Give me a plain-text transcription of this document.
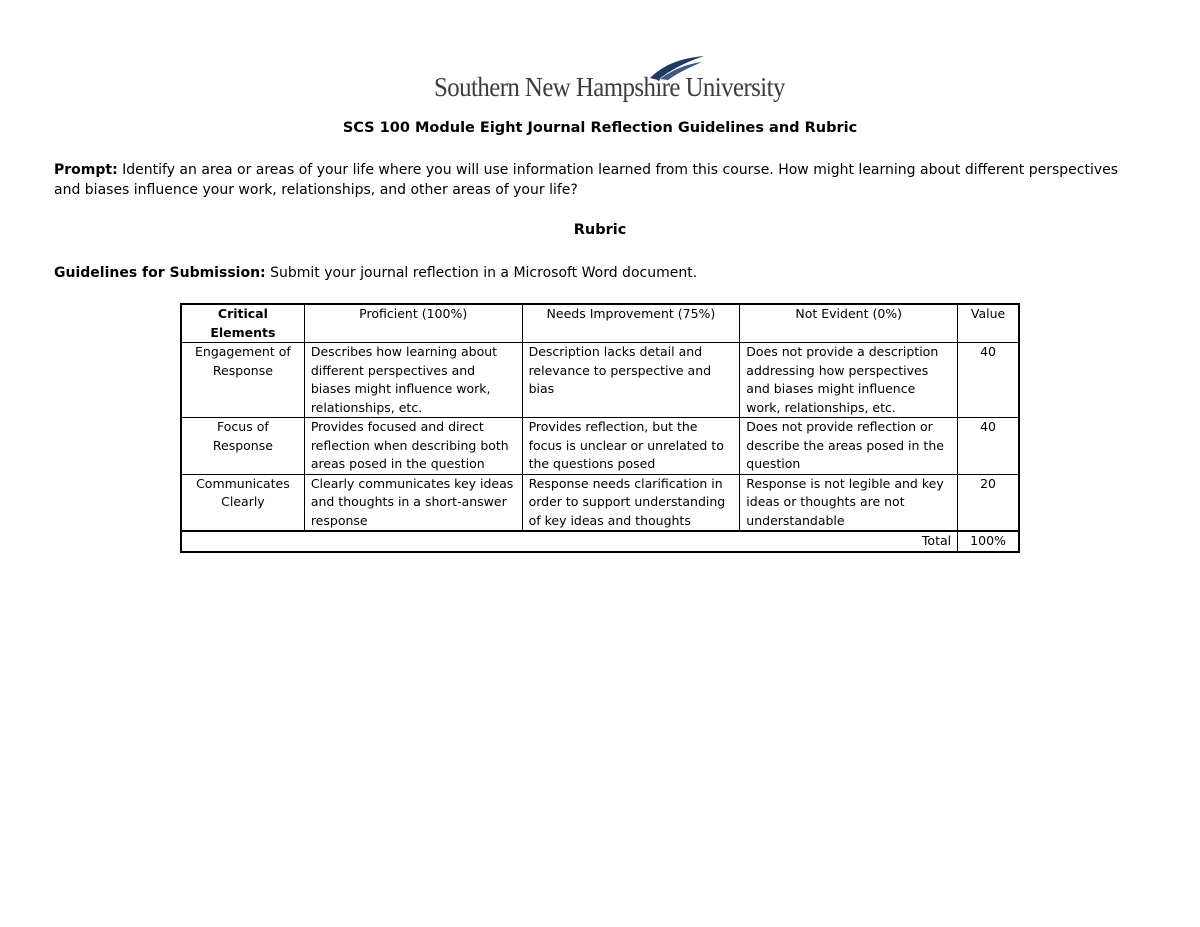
Southern New Hampshire University
SCS 100 Module Eight Journal Reflection Guidelines and Rubric
Prompt: Identify an area or areas of your life where you will use information learned from this course. How might learning about different perspectives and biases influence your work, relationships, and other areas of your life?
Rubric
Guidelines for Submission: Submit your journal reflection in a Microsoft Word document.
Critical Elements	Proficient (100%)	Needs Improvement (75%)	Not Evident (0%)	Value
Engagement of Response	Describes how learning about different perspectives and biases might influence work, relationships, etc.	Description lacks detail and relevance to perspective and bias	Does not provide a description addressing how perspectives and biases might influence work, relationships, etc.	40
Focus of Response	Provides focused and direct reflection when describing both areas posed in the question	Provides reflection, but the focus is unclear or unrelated to the questions posed	Does not provide reflection or describe the areas posed in the question	40
Communicates Clearly	Clearly communicates key ideas and thoughts in a short-answer response	Response needs clarification in order to support understanding of key ideas and thoughts	Response is not legible and key ideas or thoughts are not understandable	20
Total				100%
